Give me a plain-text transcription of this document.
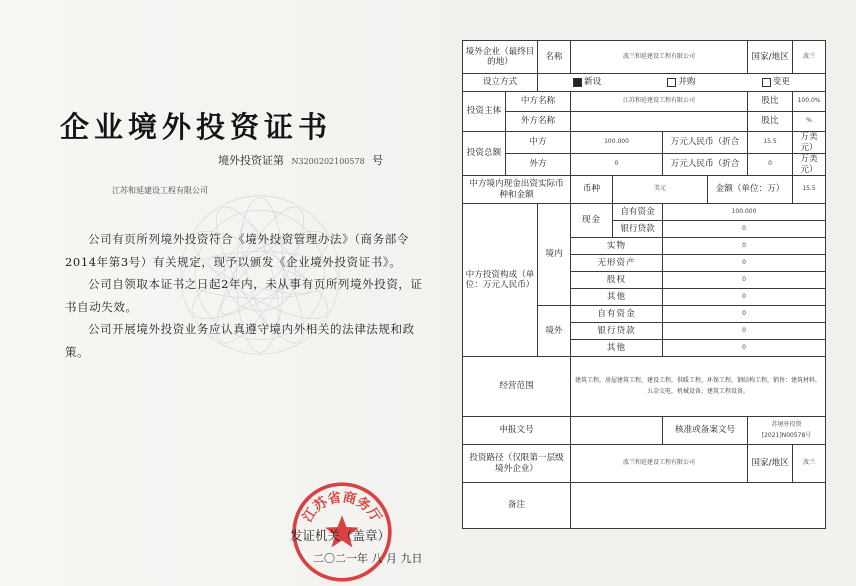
企业境外投资证书
境外投资证第 N3200202100578 号
江苏和延建设工程有限公司

公司有页所列境外投资符合《境外投资管理办法》（商务部令2014年第3号）有关规定，现予以颁发《企业境外投资证书》。

公司自领取本证书之日起2年内，未从事有页所列境外投资，证书自动失效。

公司开展境外投资业务应认真遵守境内外相关的法律法规和政策。

江苏省商务厅
发证机关（盖章）
二〇二一年 八 月 九日
境外企业（最终目的地）		名称	波兰和延建设工程有限公司				国家/地区	波兰
设立方式		新设 并购 变更						

投资主体	中方名称		江苏和延建设工程有限公司				股比	100.0%
	外方名称						股比	%
投资总额	中方		100.000		万元人民币（折合		15.5	万美元）
	外方		0		万元人民币（折合		0	万美元）
中方境内现金出资实际币种和金额			币种	美元		金额（单位：万）		15.5
中方投资构成（单位：万元人民币）		境内	现金	自有资金	100.000			
				银行贷款	0			
			实物		0			
			无形资产		0			
			股权		0			
			其他		0			
		境外	自有资金		0			
			银行贷款		0			
			其他		0			
经营范围			建筑工程，房屋建筑工程，建设工程，供暖工程，环保工程，钢结构工程，销售：建筑材料，五金交电，机械设备，建筑工程设备。					
申报文号					核准或备案文号		苏境外投资[2021]N00578号	
投资路径（仅限第一层级境外企业）			波兰和延建设工程有限公司				国家/地区	波兰
备注								
